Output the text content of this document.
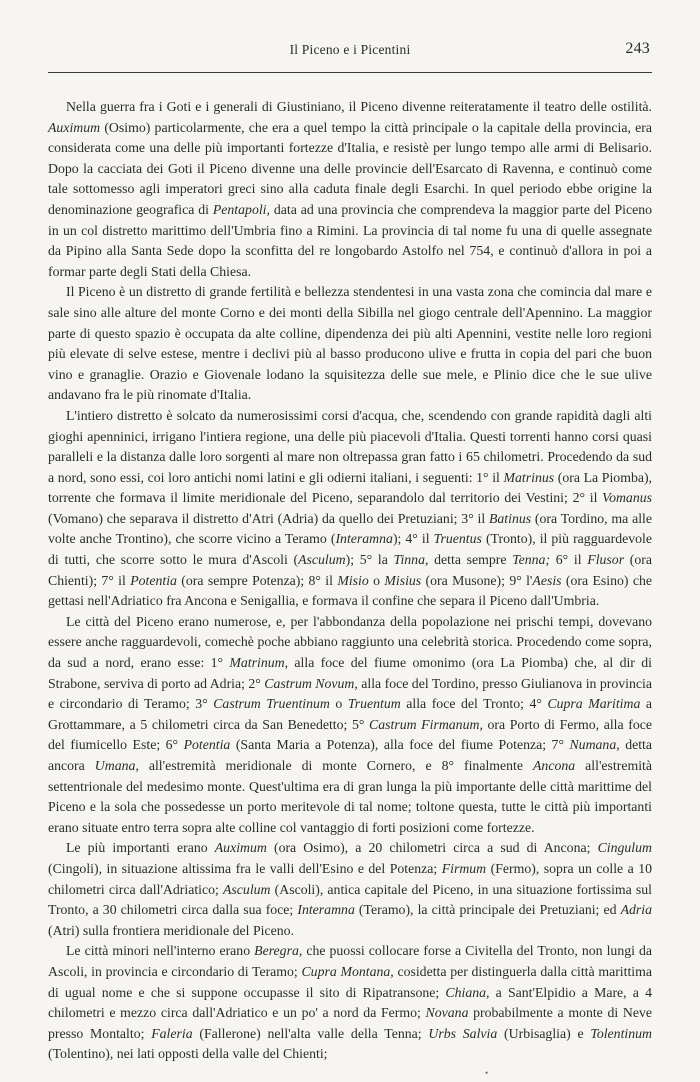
Il Piceno e i Picentini	243

Nella guerra fra i Goti e i generali di Giustiniano, il Piceno divenne reiteratamente il teatro delle ostilità. Auximum (Osimo) particolarmente, che era a quel tempo la città principale o la capitale della provincia, era considerata come una delle più importanti fortezze d'Italia, e resistè per lungo tempo alle armi di Belisario. Dopo la cacciata dei Goti il Piceno divenne una delle provincie dell'Esarcato di Ravenna, e continuò come tale sottomesso agli imperatori greci sino alla caduta finale degli Esarchi. In quel periodo ebbe origine la denominazione geografica di Pentapoli, data ad una provincia che comprendeva la maggior parte del Piceno in un col distretto marittimo dell'Umbria fino a Rimini. La provincia di tal nome fu una di quelle assegnate da Pipino alla Santa Sede dopo la sconfitta del re longobardo Astolfo nel 754, e continuò d'allora in poi a formar parte degli Stati della Chiesa.

Il Piceno è un distretto di grande fertilità e bellezza stendentesi in una vasta zona che comincia dal mare e sale sino alle alture del monte Corno e dei monti della Sibilla nel giogo centrale dell'Apennino. La maggior parte di questo spazio è occupata da alte colline, dipendenza dei più alti Apennini, vestite nelle loro regioni più elevate di selve estese, mentre i declivi più al basso producono ulive e frutta in copia del pari che buon vino e granaglie. Orazio e Giovenale lodano la squisitezza delle sue mele, e Plinio dice che le sue ulive andavano fra le più rinomate d'Italia.

L'intiero distretto è solcato da numerosissimi corsi d'acqua, che, scendendo con grande rapidità dagli alti gioghi apenninici, irrigano l'intiera regione, una delle più piacevoli d'Italia. Questi torrenti hanno corsi quasi paralleli e la distanza dalle loro sorgenti al mare non oltrepassa gran fatto i 65 chilometri. Procedendo da sud a nord, sono essi, coi loro antichi nomi latini e gli odierni italiani, i seguenti: 1° il Matrinus (ora La Piomba), torrente che formava il limite meridionale del Piceno, separandolo dal territorio dei Vestini; 2° il Vomanus (Vomano) che separava il distretto d'Atri (Adria) da quello dei Pretuziani; 3° il Batinus (ora Tordino, ma alle volte anche Trontino), che scorre vicino a Teramo (Interamna); 4° il Truentus (Tronto), il più ragguardevole di tutti, che scorre sotto le mura d'Ascoli (Asculum); 5° la Tinna, detta sempre Tenna; 6° il Flusor (ora Chienti); 7° il Potentia (ora sempre Potenza); 8° il Misio o Misius (ora Musone); 9° l'Aesis (ora Esino) che gettasi nell'Adriatico fra Ancona e Senigallia, e formava il confine che separa il Piceno dall'Umbria.

Le città del Piceno erano numerose, e, per l'abbondanza della popolazione nei prischi tempi, dovevano essere anche ragguardevoli, comechè poche abbiano raggiunto una celebrità storica. Procedendo come sopra, da sud a nord, erano esse: 1° Matrinum, alla foce del fiume omonimo (ora La Piomba) che, al dir di Strabone, serviva di porto ad Adria; 2° Castrum Novum, alla foce del Tordino, presso Giulianova in provincia e circondario di Teramo; 3° Castrum Truentinum o Truentum alla foce del Tronto; 4° Cupra Maritima a Grottammare, a 5 chilometri circa da San Benedetto; 5° Castrum Firmanum, ora Porto di Fermo, alla foce del fiumicello Este; 6° Potentia (Santa Maria a Potenza), alla foce del fiume Potenza; 7° Numana, detta ancora Umana, all'estremità meridionale di monte Cornero, e 8° finalmente Ancona all'estremità settentrionale del medesimo monte. Quest'ultima era di gran lunga la più importante delle città marittime del Piceno e la sola che possedesse un porto meritevole di tal nome; toltone questa, tutte le città più importanti erano situate entro terra sopra alte colline col vantaggio di forti posizioni come fortezze.

Le più importanti erano Auximum (ora Osimo), a 20 chilometri circa a sud di Ancona; Cingulum (Cingoli), in situazione altissima fra le valli dell'Esino e del Potenza; Firmum (Fermo), sopra un colle a 10 chilometri circa dall'Adriatico; Asculum (Ascoli), antica capitale del Piceno, in una situazione fortissima sul Tronto, a 30 chilometri circa dalla sua foce; Interamna (Teramo), la città principale dei Pretuziani; ed Adria (Atri) sulla frontiera meridionale del Piceno.

Le città minori nell'interno erano Beregra, che puossi collocare forse a Civitella del Tronto, non lungi da Ascoli, in provincia e circondario di Teramo; Cupra Montana, cosidetta per distinguerla dalla città marittima di ugual nome e che si suppone occupasse il sito di Ripatransone; Chiana, a Sant'Elpidio a Mare, a 4 chilometri e mezzo circa dall'Adriatico e un po' a nord da Fermo; Novana probabilmente a monte di Neve presso Montalto; Faleria (Fallerone) nell'alta valle della Tenna; Urbs Salvia (Urbisaglia) e Tolentinum (Tolentino), nei lati opposti della valle del Chienti;

•
